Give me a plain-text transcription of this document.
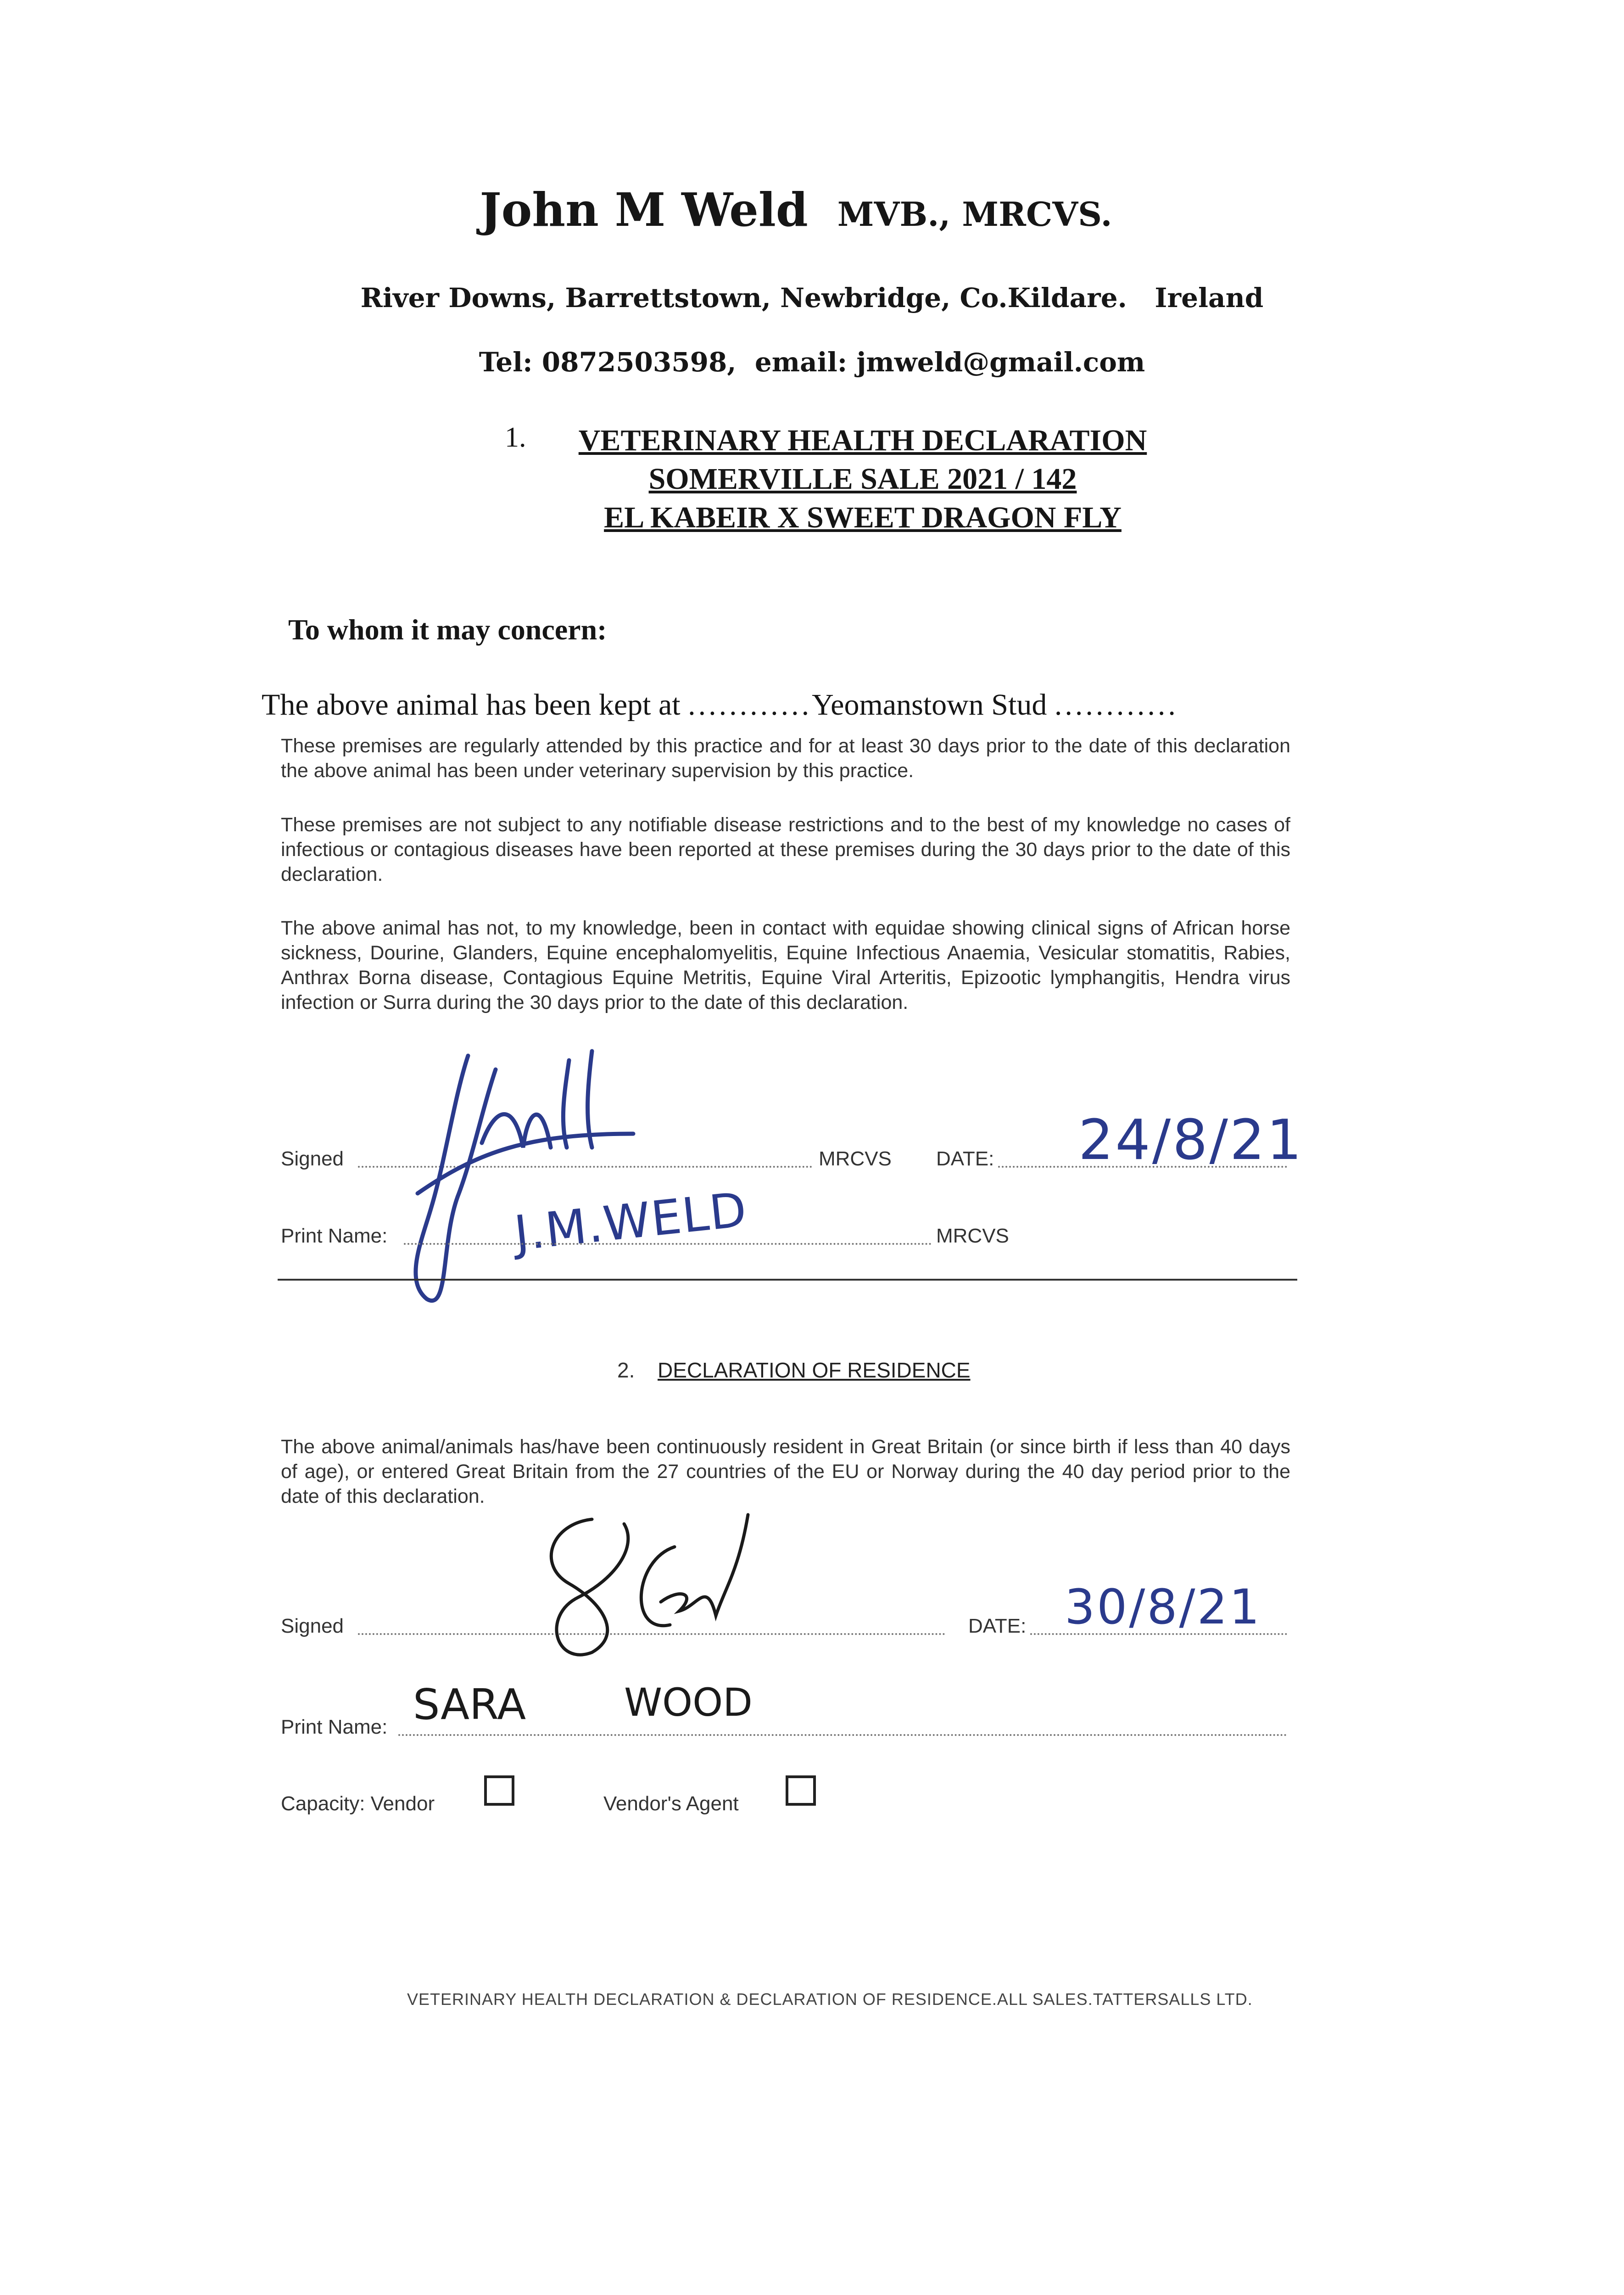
John M Weld MVB., MRCVS.
River Downs, Barrettstown, Newbridge, Co.Kildare.   Ireland
Tel: 0872503598,  email: jmweld@gmail.com
1.	VETERINARY HEALTH DECLARATION
SOMERVILLE SALE 2021 / 142
EL KABEIR X SWEET DRAGON FLY
To whom it may concern:
The above animal has been kept at ............Yeomanstown Stud ............
These premises are regularly attended by this practice and for at least 30 days prior to the date of this declaration the above animal has been under veterinary supervision by this practice.
These premises are not subject to any notifiable disease restrictions and to the best of my knowledge no cases of infectious or contagious diseases have been reported at these premises during the 30 days prior to the date of this declaration.
The above animal has not, to my knowledge, been in contact with equidae showing clinical signs of African horse sickness, Dourine, Glanders, Equine encephalomyelitis, Equine Infectious Anaemia, Vesicular stomatitis, Rabies, Anthrax Borna disease, Contagious Equine Metritis, Equine Viral Arteritis, Epizootic lymphangitis, Hendra virus infection or Surra during the 30 days prior to the date of this declaration.
Signed	MRCVS DATE: 24/8/21
J.M.WELD
Print Name:	MRCVS
2. DECLARATION OF RESIDENCE
The above animal/animals has/have been continuously resident in Great Britain (or since birth if less than 40 days of age), or entered Great Britain from the 27 countries of the EU or Norway during the 40 day period prior to the date of this declaration.
Signed	DATE: 30/8/21
Print Name: SARA	WOOD
Capacity: Vendor	Vendor's Agent
VETERINARY HEALTH DECLARATION & DECLARATION OF RESIDENCE.ALL SALES.TATTERSALLS LTD.
